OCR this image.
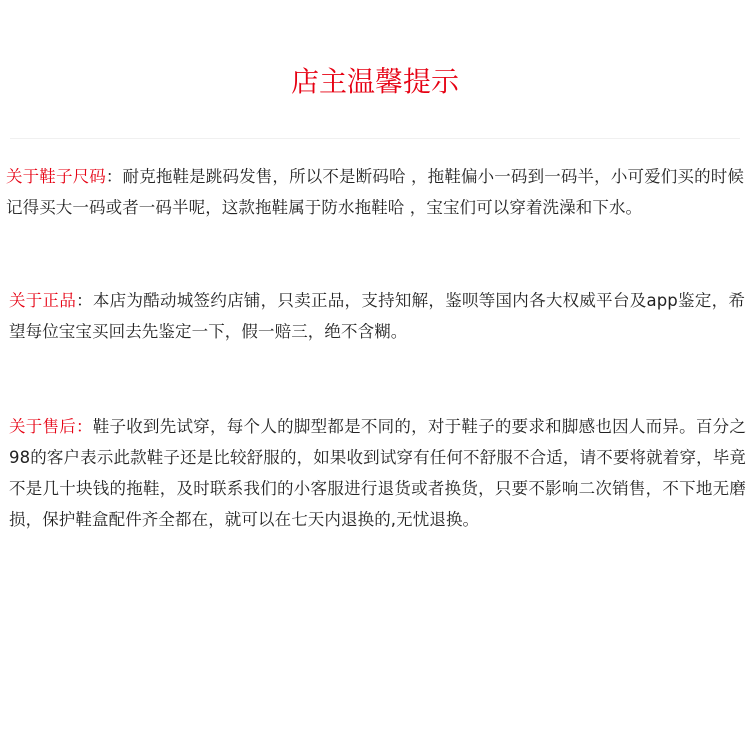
店主温馨提示

关于鞋子尺码：耐克拖鞋是跳码发售，所以不是断码哈 ，拖鞋偏小一码到一码半，小可爱们买的时候记得买大一码或者一码半呢，这款拖鞋属于防水拖鞋哈 ，宝宝们可以穿着洗澡和下水。

关于正品：本店为酷动城签约店铺，只卖正品，支持知解，鉴呗等国内各大权威平台及app鉴定，希望每位宝宝买回去先鉴定一下，假一赔三，绝不含糊。

关于售后：鞋子收到先试穿，每个人的脚型都是不同的，对于鞋子的要求和脚感也因人而异。百分之98的客户表示此款鞋子还是比较舒服的，如果收到试穿有任何不舒服不合适，请不要将就着穿，毕竟不是几十块钱的拖鞋，及时联系我们的小客服进行退货或者换货，只要不影响二次销售，不下地无磨损，保护鞋盒配件齐全都在，就可以在七天内退换的,无忧退换。
